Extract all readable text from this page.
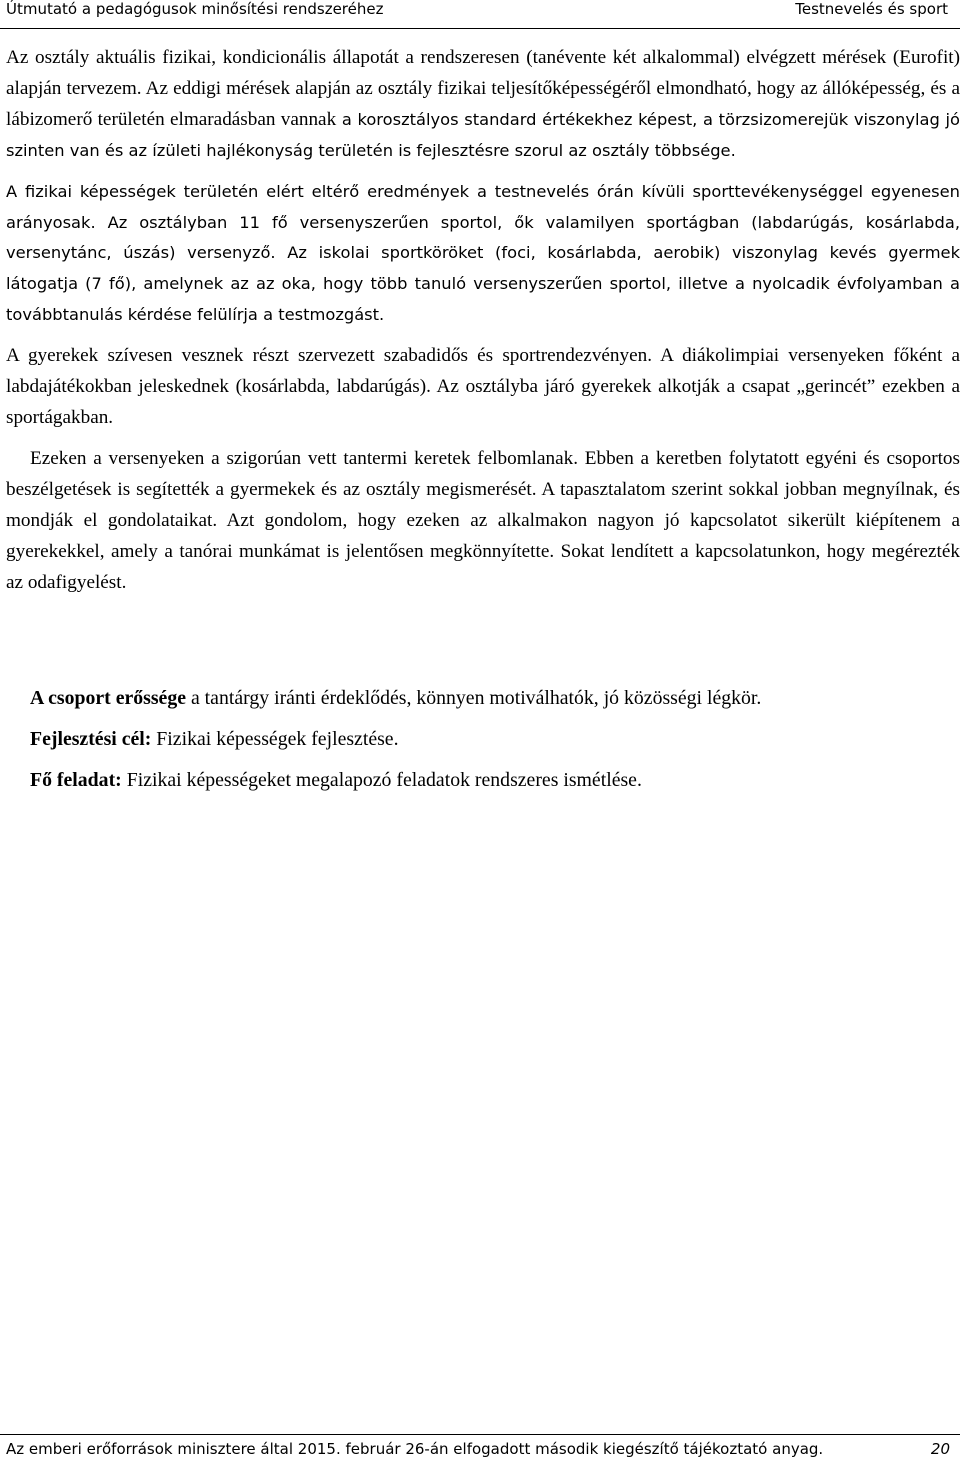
Útmutató a pedagógusok minősítési rendszeréhez	Testnevelés és sport

Az osztály aktuális fizikai, kondicionális állapotát a rendszeresen (tanévente két alkalommal) elvégzett mérések (Eurofit) alapján tervezem. Az eddigi mérések alapján az osztály fizikai teljesítőképességéről elmondható, hogy az állóképesség, és a lábizomerő területén elmaradásban vannak a korosztályos standard értékekhez képest, a törzsizomerejük viszonylag jó szinten van és az ízületi hajlékonyság területén is fejlesztésre szorul az osztály többsége.

A fizikai képességek területén elért eltérő eredmények a testnevelés órán kívüli sporttevékenységgel egyenesen arányosak. Az osztályban 11 fő versenyszerűen sportol, ők valamilyen sportágban (labdarúgás, kosárlabda, versenytánc, úszás) versenyző. Az iskolai sportköröket (foci, kosárlabda, aerobik) viszonylag kevés gyermek látogatja (7 fő), amelynek az az oka, hogy több tanuló versenyszerűen sportol, illetve a nyolcadik évfolyamban a továbbtanulás kérdése felülírja a testmozgást.

A gyerekek szívesen vesznek részt szervezett szabadidős és sportrendezvényen. A diákolimpiai versenyeken főként a labdajátékokban jeleskednek (kosárlabda, labdarúgás). Az osztályba járó gyerekek alkotják a csapat „gerincét” ezekben a sportágakban.

Ezeken a versenyeken a szigorúan vett tantermi keretek felbomlanak. Ebben a keretben folytatott egyéni és csoportos beszélgetések is segítették a gyermekek és az osztály megismerését. A tapasztalatom szerint sokkal jobban megnyílnak, és mondják el gondolataikat. Azt gondolom, hogy ezeken az alkalmakon nagyon jó kapcsolatot sikerült kiépítenem a gyerekekkel, amely a tanórai munkámat is jelentősen megkönnyítette. Sokat lendített a kapcsolatunkon, hogy megérezték az odafigyelést.

A csoport erőssége a tantárgy iránti érdeklődés, könnyen motiválhatók, jó közösségi légkör.

Fejlesztési cél: Fizikai képességek fejlesztése.

Fő feladat: Fizikai képességeket megalapozó feladatok rendszeres ismétlése.

Az emberi erőforrások minisztere által 2015. február 26-án elfogadott második kiegészítő tájékoztató anyag.	20
